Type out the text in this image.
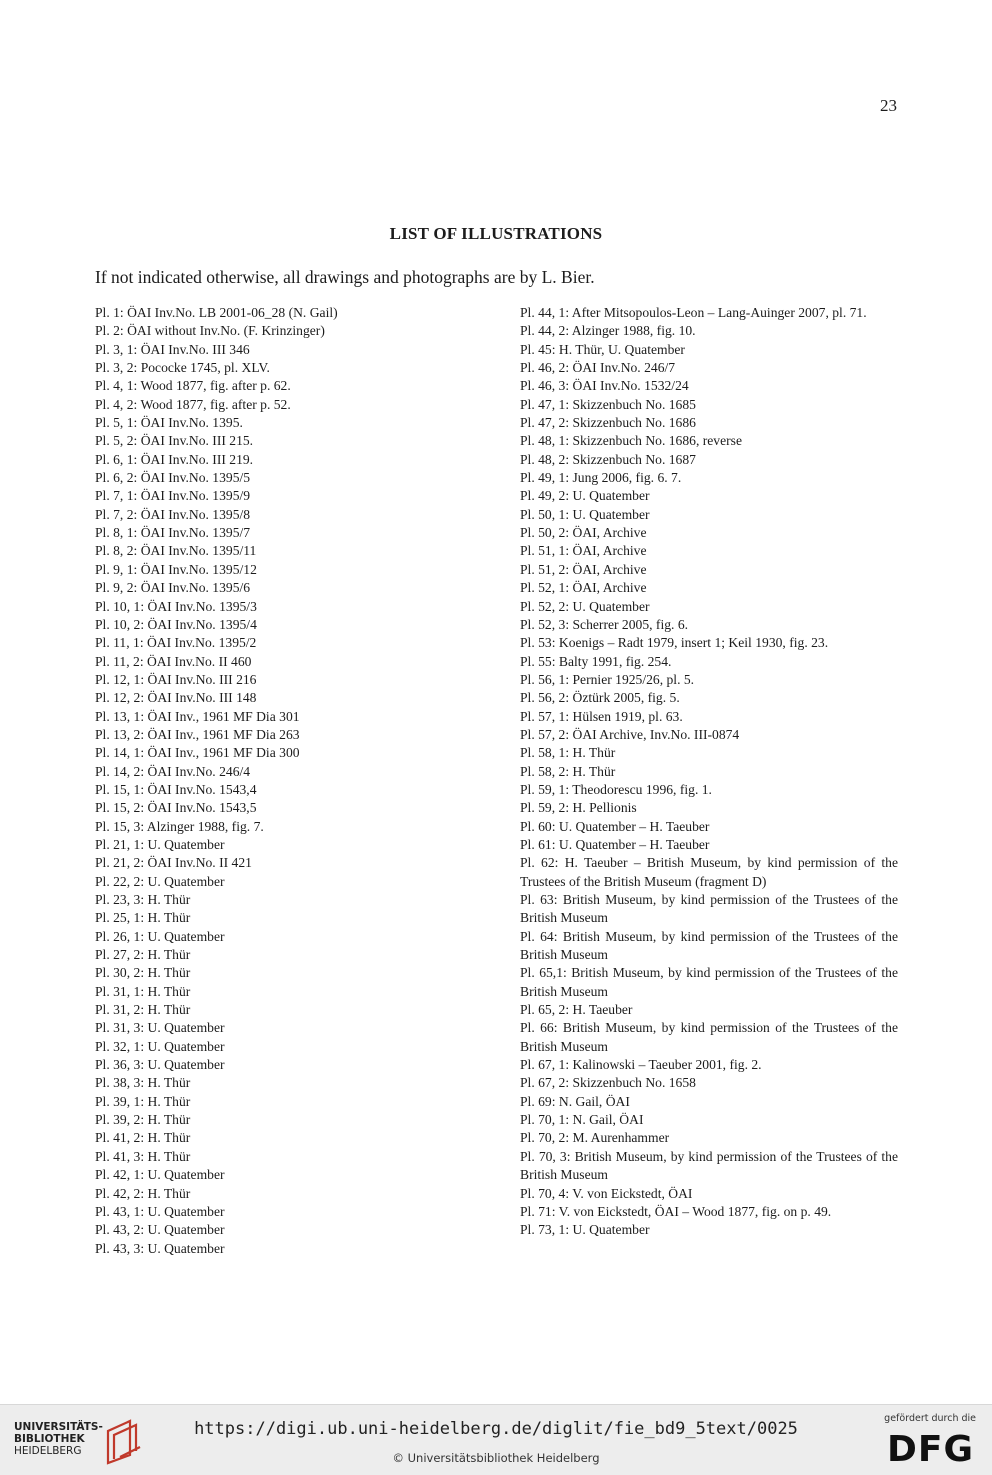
23
LIST OF ILLUSTRATIONS
If not indicated otherwise, all drawings and photographs are by L. Bier.
Pl. 1: ÖAI Inv.No. LB 2001-06_28 (N. Gail)
Pl. 2: ÖAI without Inv.No. (F. Krinzinger)
Pl. 3, 1: ÖAI Inv.No. III 346
Pl. 3, 2: Pococke 1745, pl. XLV.
Pl. 4, 1: Wood 1877, fig. after p. 62.
Pl. 4, 2: Wood 1877, fig. after p. 52.
Pl. 5, 1: ÖAI Inv.No. 1395.
Pl. 5, 2: ÖAI Inv.No. III 215.
Pl. 6, 1: ÖAI Inv.No. III 219.
Pl. 6, 2: ÖAI Inv.No. 1395/5
Pl. 7, 1: ÖAI Inv.No. 1395/9
Pl. 7, 2: ÖAI Inv.No. 1395/8
Pl. 8, 1: ÖAI Inv.No. 1395/7
Pl. 8, 2: ÖAI Inv.No. 1395/11
Pl. 9, 1: ÖAI Inv.No. 1395/12
Pl. 9, 2: ÖAI Inv.No. 1395/6
Pl. 10, 1: ÖAI Inv.No. 1395/3
Pl. 10, 2: ÖAI Inv.No. 1395/4
Pl. 11, 1: ÖAI Inv.No. 1395/2
Pl. 11, 2: ÖAI Inv.No. II 460
Pl. 12, 1: ÖAI Inv.No. III 216
Pl. 12, 2: ÖAI Inv.No. III 148
Pl. 13, 1: ÖAI Inv., 1961 MF Dia 301
Pl. 13, 2: ÖAI Inv., 1961 MF Dia 263
Pl. 14, 1: ÖAI Inv., 1961 MF Dia 300
Pl. 14, 2: ÖAI Inv.No. 246/4
Pl. 15, 1: ÖAI Inv.No. 1543,4
Pl. 15, 2: ÖAI Inv.No. 1543,5
Pl. 15, 3: Alzinger 1988, fig. 7.
Pl. 21, 1: U. Quatember
Pl. 21, 2: ÖAI Inv.No. II 421
Pl. 22, 2: U. Quatember
Pl. 23, 3: H. Thür
Pl. 25, 1: H. Thür
Pl. 26, 1: U. Quatember
Pl. 27, 2: H. Thür
Pl. 30, 2: H. Thür
Pl. 31, 1: H. Thür
Pl. 31, 2: H. Thür
Pl. 31, 3: U. Quatember
Pl. 32, 1: U. Quatember
Pl. 36, 3: U. Quatember
Pl. 38, 3: H. Thür
Pl. 39, 1: H. Thür
Pl. 39, 2: H. Thür
Pl. 41, 2: H. Thür
Pl. 41, 3: H. Thür
Pl. 42, 1: U. Quatember
Pl. 42, 2: H. Thür
Pl. 43, 1: U. Quatember
Pl. 43, 2: U. Quatember
Pl. 43, 3: U. Quatember
Pl. 44, 1: After Mitsopoulos-Leon – Lang-Auinger 2007, pl. 71.
Pl. 44, 2: Alzinger 1988, fig. 10.
Pl. 45: H. Thür, U. Quatember
Pl. 46, 2: ÖAI Inv.No. 246/7
Pl. 46, 3: ÖAI Inv.No. 1532/24
Pl. 47, 1: Skizzenbuch No. 1685
Pl. 47, 2: Skizzenbuch No. 1686
Pl. 48, 1: Skizzenbuch No. 1686, reverse
Pl. 48, 2: Skizzenbuch No. 1687
Pl. 49, 1: Jung 2006, fig. 6. 7.
Pl. 49, 2: U. Quatember
Pl. 50, 1: U. Quatember
Pl. 50, 2: ÖAI, Archive
Pl. 51, 1: ÖAI, Archive
Pl. 51, 2: ÖAI, Archive
Pl. 52, 1: ÖAI, Archive
Pl. 52, 2: U. Quatember
Pl. 52, 3: Scherrer 2005, fig. 6.
Pl. 53: Koenigs – Radt 1979, insert 1; Keil 1930, fig. 23.
Pl. 55: Balty 1991, fig. 254.
Pl. 56, 1: Pernier 1925/26, pl. 5.
Pl. 56, 2: Öztürk 2005, fig. 5.
Pl. 57, 1: Hülsen 1919, pl. 63.
Pl. 57, 2: ÖAI Archive, Inv.No. III-0874
Pl. 58, 1: H. Thür
Pl. 58, 2: H. Thür
Pl. 59, 1: Theodorescu 1996, fig. 1.
Pl. 59, 2: H. Pellionis
Pl. 60: U. Quatember – H. Taeuber
Pl. 61: U. Quatember – H. Taeuber
Pl. 62: H. Taeuber – British Museum, by kind permission of the Trustees of the British Museum (fragment D)
Pl. 63: British Museum, by kind permission of the Trustees of the British Museum
Pl. 64: British Museum, by kind permission of the Trustees of the British Museum
Pl. 65,1: British Museum, by kind permission of the Trustees of the British Museum
Pl. 65, 2: H. Taeuber
Pl. 66: British Museum, by kind permission of the Trustees of the British Museum
Pl. 67, 1: Kalinowski – Taeuber 2001, fig. 2.
Pl. 67, 2: Skizzenbuch No. 1658
Pl. 69: N. Gail, ÖAI
Pl. 70, 1: N. Gail, ÖAI
Pl. 70, 2: M. Aurenhammer
Pl. 70, 3: British Museum, by kind permission of the Trustees of the British Museum
Pl. 70, 4: V. von Eickstedt, ÖAI
Pl. 71: V. von Eickstedt, ÖAI – Wood 1877, fig. on p. 49.
Pl. 73, 1: U. Quatember
UNIVERSITÄTS-
BIBLIOTHEK
HEIDELBERG
https://digi.ub.uni-heidelberg.de/diglit/fie_bd9_5text/0025
© Universitätsbibliothek Heidelberg
gefördert durch die
DFG
